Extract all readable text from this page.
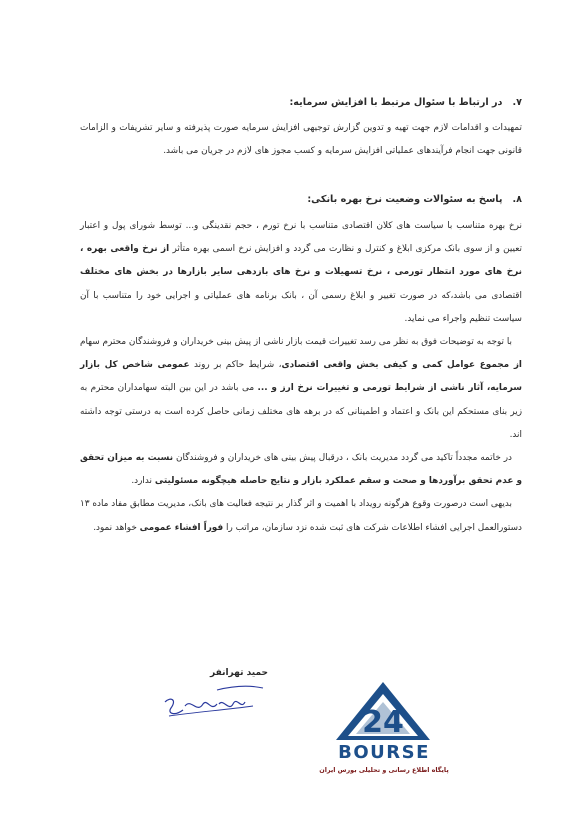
۷.در ارتباط با سئوال مرتبط با افزایش سرمایه:

تمهیدات و اقدامات لازم جهت تهیه و تدوین گزارش توجیهی افزایش سرمایه صورت پذیرفته و سایر تشریفات و الزامات قانونی جهت انجام فرآیندهای عملیاتی افزایش سرمایه و کسب مجوز های لازم در جریان می باشد.

۸.پاسخ به سئوالات وضعیت نرخ بهره بانکی:

نرخ بهره متناسب با سیاست های کلان اقتصادی متناسب با نرخ تورم ، حجم نقدینگی و... توسط شورای پول و اعتبار تعیین و از سوی بانک مرکزی ابلاغ و کنترل و نظارت می گردد و افزایش نرخ اسمی بهره متأثر از نرخ واقعی بهره ، نرخ های مورد انتظار تورمی ، نرخ تسهیلات و نرخ های بازدهی سایر بازارها در بخش های مختلف اقتصادی می باشد،که در صورت تغییر و ابلاغ رسمی آن ، بانک برنامه های عملیاتی و اجرایی خود را متناسب با آن سیاست تنظیم واجراء می نماید.

با توجه به توضیحات فوق به نظر می رسد تغییرات قیمت بازار ناشی از پیش بینی خریداران و فروشندگان محترم سهام از مجموع عوامل کمی و کیفی بخش واقعی اقتصادی، شرایط حاکم بر روند عمومی شاخص کل بازار سرمایه، آثار ناشی از شرایط تورمی و تغییرات نرخ ارز و ... می باشد در این بین البته سهامداران محترم به زیر بنای مستحکم این بانک و اعتماد و اطمینانی که در برهه های مختلف زمانی حاصل کرده است به درستی توجه داشته اند.

در خاتمه مجدداً تاکید می گردد مدیریت بانک ، درقبال پیش بینی های خریداران و فروشندگان نسبت به میزان تحقق و عدم تحقق برآوردها و صحت و سقم عملکرد بازار و نتایج حاصله هیچگونه مسئولیتی ندارد.

بدیهی است درصورت وقوع هرگونه رویداد با اهمیت و اثر گذار بر نتیجه فعالیت های بانک، مدیریت مطابق مفاد ماده ۱۳ دستورالعمل اجرایی افشاء اطلاعات شرکت های ثبت شده نزد سازمان، مراتب را فوراً افشاء عمومی خواهد نمود.

حمید تهرانفر
24
BOURSE
پایگاه اطلاع رسانی و تحلیلی بورس ایران
